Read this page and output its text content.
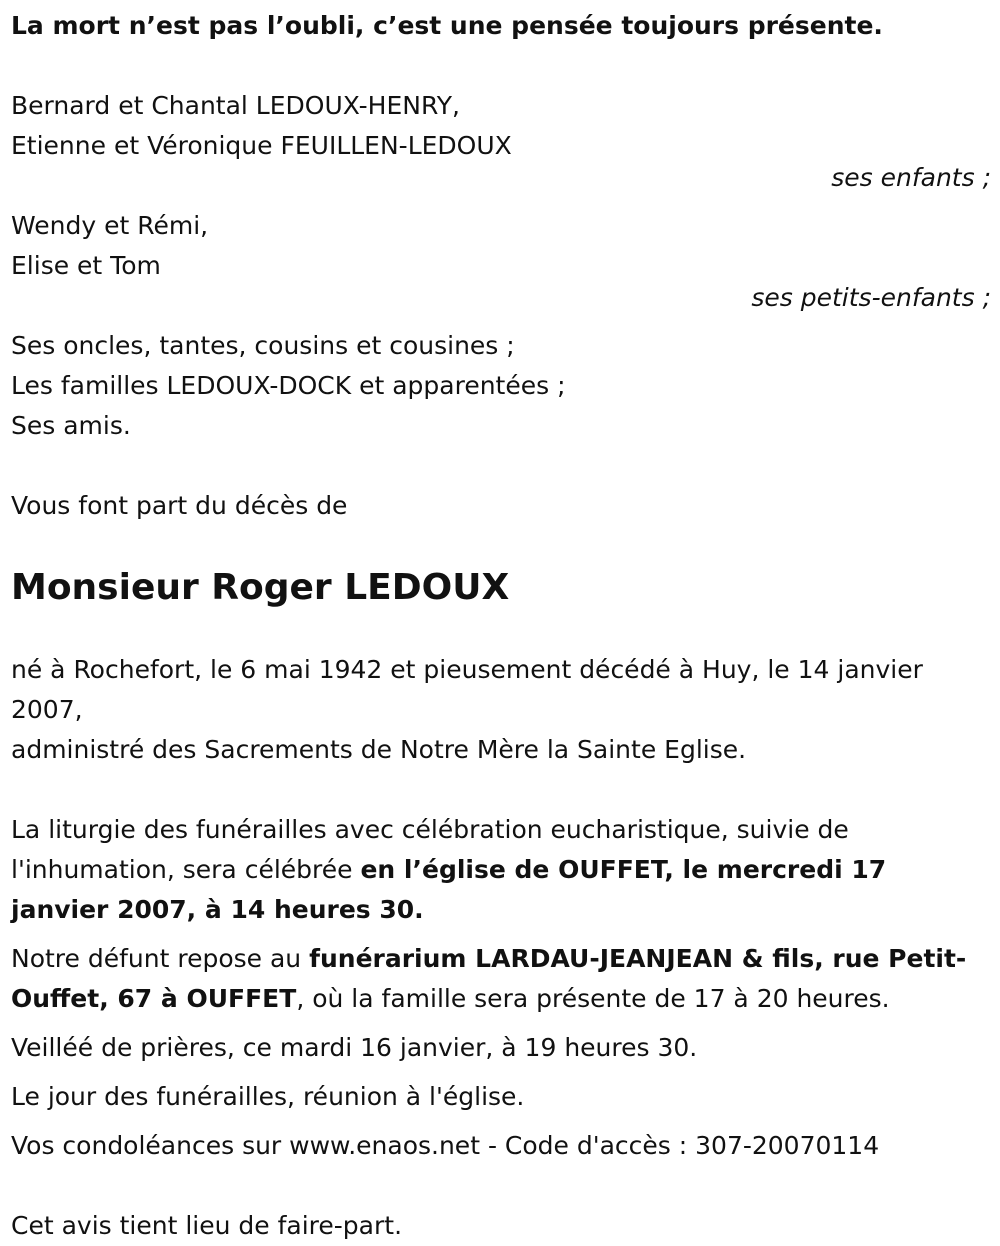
La mort n’est pas l’oubli, c’est une pensée toujours présente.
Bernard et Chantal LEDOUX-HENRY,
Etienne et Véronique FEUILLEN-LEDOUX
ses enfants ;
Wendy et Rémi,
Elise et Tom
ses petits-enfants ;
Ses oncles, tantes, cousins et cousines ;
Les familles LEDOUX-DOCK et apparentées ;
Ses amis.
Vous font part du décès de
Monsieur Roger LEDOUX
né à Rochefort, le 6 mai 1942 et pieusement décédé à Huy, le 14 janvier
2007,
administré des Sacrements de Notre Mère la Sainte Eglise.
La liturgie des funérailles avec célébration eucharistique, suivie de l'inhumation, sera célébrée en l’église de OUFFET, le mercredi 17 janvier 2007, à 14 heures 30.
Notre défunt repose au funérarium LARDAU-JEANJEAN & fils, rue Petit-Ouffet, 67 à OUFFET, où la famille sera présente de 17 à 20 heures.
Veilléé de prières, ce mardi 16 janvier, à 19 heures 30.
Le jour des funérailles, réunion à l'église.
Vos condoléances sur www.enaos.net - Code d'accès : 307-20070114
Cet avis tient lieu de faire-part.
